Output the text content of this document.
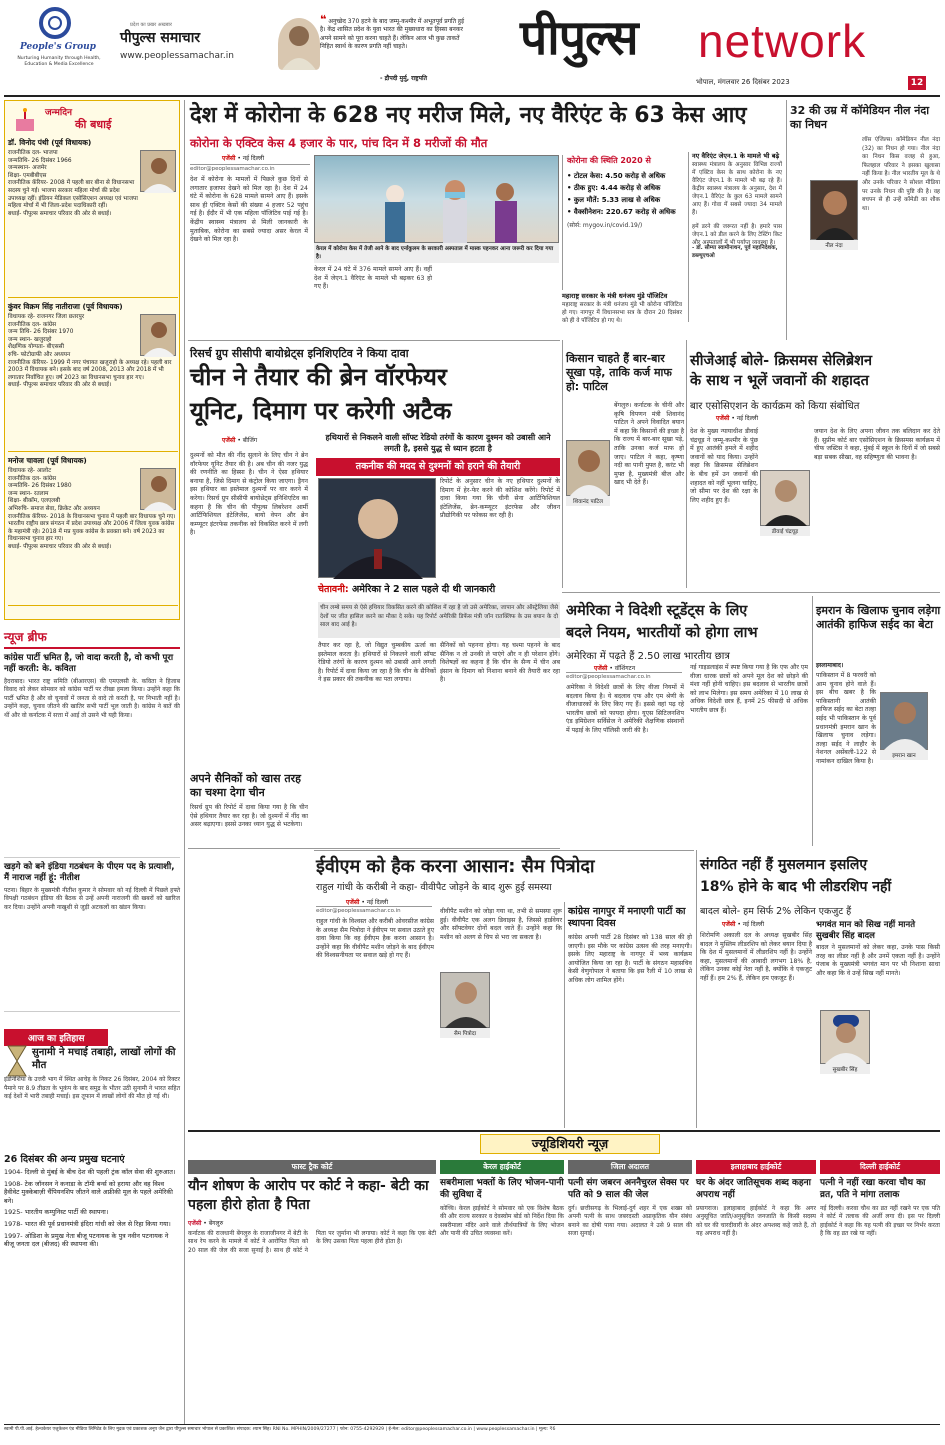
People's Group
Nurturing Humanity through Health, Education & Media Excellence
प्रदेश का प्रखर अखबार
पीपुल्स समाचार
www.peoplessamachar.in
❝ अनुच्छेद 370 हटने के बाद जम्मू-कश्मीर में अभूतपूर्व प्रगति हुई है। केंद्र शासित प्रदेश के युवा भारत की मुख्यधारा का हिस्सा बनकर अपने सामने को पूरा करना चाहते हैं। लेकिन आज भी कुछ ताकतें निहित स्वार्थ के कारण प्रगति नहीं चाहते।
- द्रौपदी मुर्मु, राष्ट्रपति
पीपुल्स network
भोपाल, मंगलवार 26 दिसंबर 2023	12
जन्मदिन
की बधाई
डॉ. विनोद पंथी (पूर्व विधायक)
राजनीतिक दल- भाजपा
जन्मतिथि- 26 दिसंबर 1966
जन्मस्थान- अजमेर
शिक्षा- एमबीबीएस
राजनीतिक कॅरियर- 2008 में पहली बार बीना से विधानसभा सदस्य चुने गई। भाजपा सरकार महिला मोर्चा की प्रदेश उपाध्यक्ष रहीं। इंडियन मेडिकल एसोसिएशन अध्यक्ष एवं भाजपा महिला मोर्चा में भी जिला-प्रदेश पदाधिकारी रहीं।
बधाई- पीपुल्स समाचार परिवार की ओर से बधाई।
कुंवर विक्रम सिंह नातीराजा (पूर्व विधायक)
विधायक रहे- राजनगर जिला छतरपुर
राजनीतिक दल- कांग्रेस
जन्म तिथि- 26 दिसंबर 1970
जन्म स्थान- खजुराहो
शैक्षणिक योग्यता- बीएससी
रुचि- फोटोग्राफी और अध्ययन
राजनीतिक कॅरियर- 1999 में नगर पंचायत खजुराहो के अध्यक्ष रहे। पहली बार 2003 में विधायक बने। इसके बाद वर्ष 2008, 2013 और 2018 में भी लगातार निर्वाचित हुए। वर्ष 2023 का विधानसभा चुनाव हार गए।
बधाई- पीपुल्स समाचार परिवार की ओर से बधाई।
मनोज चावला (पूर्व विधायक)
विधायक रहे- आलोट
राजनीतिक दल- कांग्रेस
जन्मतिथि- 26 दिसंबर 1980
जन्म स्थान- रतलाम
शिक्षा- बीकॉम, एलएलबी
अभिरुचि- समाज सेवा, क्रिकेट और अध्ययन
राजनीतिक कॅरियर- 2018 के विधानसभा चुनाव में पहली बार विधायक चुने गए। भारतीय राष्ट्रीय छात्र संगठन में प्रदेश उपाध्यक्ष और 2006 में जिला युवक कांग्रेस के महामंत्री रहे। 2018 में मप्र युवक कांग्रेस के प्रवक्ता बने। वर्ष 2023 का विधानसभा चुनाव हार गए।
बधाई- पीपुल्स समाचार परिवार की ओर से बधाई।
न्यूज ब्रीफ
कांग्रेस पार्टी भ्रमित है, जो वादा करती है, वो कभी पूरा नहीं करती: के. कविता
हैदराबाद। भारत राष्ट्र समिति (बीआरएस) की एमएलसी के. कविता ने हिजाब विवाद को लेकर सोमवार को कांग्रेस पार्टी पर तीखा हमला किया। उन्होंने कहा कि पार्टी भ्रमित है और वो चुनावों में जनता से वादे तो करती है, पर निभाती नहीं है। उन्होंने कहा, चुनाव जीतने की खातिर सभी पार्टी भूल जाती है। कांग्रेस ने बातें की थीं और वो कर्नाटक में सत्ता में आई तो उसने भी यही किया।
खड़गे को बने इंडिया गठबंधन के पीएम पद के प्रत्याशी, मैं नाराज नहीं हूं: नीतीश
पटना। बिहार के मुख्यमंत्री नीतीश कुमार ने सोमवार को नई दिल्ली में पिछले हफ्ते विपक्षी गठबंधन इंडिया की बैठक से उन्हें अपनी नाराजगी की खबरों को खारिज कर दिया। उन्होंने अपनी नाखुशी से जुड़ी अटकलों का खंडन किया।
आज का इतिहास
सुनामी ने मचाई तबाही, लाखों लोगों की मौत
इंडोनेशिया के उत्तरी भाग में स्थित आचेह के निकट 26 दिसंबर, 2004 को रिक्टर पैमाने पर 8.9 तीव्रता के भूकंप के बाद समुद्र के भीतर उठी सुनामी ने भारत सहित कई देशों में भारी तबाही मचाई। इस तूफान में लाखों लोगों की मौत हो गई थी।
26 दिसंबर की अन्य प्रमुख घटनाएं
1904- दिल्ली से मुंबई के बीच देश की पहली ट्रंक कॉल सेवा की शुरुआत।
1908- टेक जॉनसन ने कनाडा के टॉमी बर्न्स को हराया और वह विश्व हैवीवेट मुक्केबाज़ी चैंपियनशिप जीतने वाले अफ्रीकी मूल के पहले अमेरिकी बने।
1925- भारतीय कम्युनिस्ट पार्टी की स्थापना।
1978- भारत की पूर्व प्रधानमंत्री इंदिरा गांधी को जेल से रिहा किया गया।
1997- ओडिशा के प्रमुख नेता बीजू पटनायक के पुत्र नवीन पटनायक ने बीजू जनता दल (बीजद) की स्थापना की।
देश में कोरोना के 628 नए मरीज मिले, नए वैरिएंट के 63 केस आए
कोरोना के एक्टिव केस 4 हजार के पार, पांच दिन में 8 मरीजों की मौत
एजेंसी • नई दिल्ली
editor@peoplessamachar.co.in
देश में कोरोना के मामलों में पिछले कुछ दिनों से लगातार इजाफा देखने को मिल रहा है। देश में 24 घंटे में कोरोना के 628 मामले सामने आए हैं। इसके साथ ही एक्टिव केसों की संख्या 4 हजार 52 पहुंच गई है। ईंदौर में भी एक महिला पॉजिटिव पाई गई है। केंद्रीय स्वास्थ्य मंत्रालय से मिली जानकारी के मुताबिक, कोरोना का सबसे ज्यादा असर केरल में देखने को मिल रहा है।
केरल में कोरोना केस में तेजी आने के बाद एर्नाकुलम के सरकारी अस्पताल में मास्क पहनकर आना जरूरी कर दिया गया है।
केरल में 24 घंटे में 376 मामले सामने आए हैं। वहीं देश में जेएन.1 वैरिएंट के मामले भी बढ़कर 63 हो गए हैं।
कोरोना की स्थिति 2020 से
• टोटल केस: 4.50 करोड़ से अधिक
• ठीक हुए: 4.44 करोड़ से अधिक
• कुल मौतें: 5.33 लाख से अधिक
• वैक्सीनेशन: 220.67 करोड़ से अधिक
(सोर्स: mygov.in/covid.19/)
नए वैरिएंट जेएन.1 के मामले भी बढ़े
स्वास्थ्य मंत्रालय के अनुसार विभिन्न राज्यों में एक्टिव केस के साथ कोरोना के नए वैरिएंट जेएन.1 के मामले भी बढ़ रहे हैं। केंद्रीय स्वास्थ्य मंत्रालय के अनुसार, देश में जेएन.1 वैरिएंट के कुल 63 मामले सामने आए हैं। गोवा में सबसे ज्यादा 34 मामले हैं।
हमें डरने की जरूरत नहीं है। हमारे पास जेएन.1 को डील करने के लिए टेस्टिंग किट और अस्पतालों में भी पर्याप्त व्यवस्था है।
- डॉ. सौम्या स्वामीनाथन, पूर्व महानिदेशक, डब्ल्यूएचओ
महाराष्ट्र सरकार के मंत्री धनंजय मुंडे पॉजिटिव
महाराष्ट्र सरकार के मंत्री धनंजय मुंडे भी कोरोना पॉजिटिव हो गए। नागपुर में विधानसभा सत्र के दौरान 20 दिसंबर को ही वे पॉजिटिव हो गए थे।
32 की उम्र में कॉमेडियन नील नंदा का निधन
नील नंदा
लॉस एंजिल्स। कॉमेडियन नील नंदा (32) का निधन हो गया। नील नंदा का निधन किस वजह से हुआ, फिलहाल परिवार ने इसका खुलासा नहीं किया है। नील भारतीय मूल के थे और उनके परिवार ने सोशल मीडिया पर उनके निधन की पुष्टि की है। वह बचपन से ही उन्हें कॉमेडी का शौक था।
रिसर्च ग्रुप सीसीपी बायोथ्रेट्स इनिशिएटिव ने किया दावा
चीन ने तैयार की ब्रेन वॉरफेयर
यूनिट, दिमाग पर करेगी अटैक
एजेंसी • बीजिंग	हथियारों से निकलने वाली सॉफ्ट रेडियो तरंगों के कारण दुश्मन को उबासी आने लगती है, इससे युद्ध से ध्यान हटता है
दुश्मनों को मौत की नींद सुलाने के लिए चीन ने ब्रेन वॉरफेयर यूनिट तैयार की है। अब चीन की नजर युद्ध की रणनीति का हिस्सा है। चीन ने ऐसा हथियार बनाया है, जिसे दिमाग से कंट्रोल किया जाएगा। ड्रैगन इस हथियार का इस्तेमाल दुश्मनों पर वार करने में करेगा। रिसर्च ग्रुप सीसीपी बायोथ्रेट्स इनिशिएटिव का कहना है कि चीन की पीपुल्स लिबरेशन आर्मी आर्टिफिशियल इंटेलिजेंस, बायो वेपन और ब्रेन कम्प्यूटर इंटरफेस तकनीक को विकसित करने में लगी है।
तकनीक की मदद से दुश्मनों को हराने की तैयारी
रिपोर्ट के अनुसार चीन के नए हथियार दुश्मनों के दिमाग में हेर-फेर करने की कोशिश करेंगे। रिपोर्ट में दावा किया गया कि चीनी सेना आर्टिफिशियल इंटेलिजेंस, ब्रेन-कम्प्यूटर इंटरफेस और जीवन प्रौद्योगिकी पर फोकस कर रही है।
चेतावनी: अमेरिका ने 2 साल पहले दी थी जानकारी
चीन लम्बे समय से ऐसे हथियार विकसित करने की कोशिश में रहा है जो उसे अमेरिका, जापान और ऑस्ट्रेलिया जैसे देशों पर जीत हासिल करने का मौका दे सके। यह रिपोर्ट अमेरिकी डिफेंस मंत्री जॉन रातक्लिफ के उस बयान के दो साल बाद आई है।
तैयार कर रहा है, जो विद्युत चुम्बकीय ऊर्जा का इस्तेमाल करता है। हथियारों से निकलने वाली सॉफ्ट रेडियो तरंगों के कारण दुश्मन को उबासी आने लगती है। रिपोर्ट में दावा किया जा रहा है कि चीन के सैनिकों ने इस प्रकार की तकनीक का पता लगाया।
सैनिकों को पहनना होगा। यह चश्मा पहनने के बाद सैनिक न तो उनकी ले पाएंगे और न ही परेशान होंगे। विशेषज्ञों का कहना है कि चीन के सैन्य में चीन अब इंसान के दिमाग को निशाना बनाने की तैयारी कर रहा है।
अपने सैनिकों को खास तरह का चश्मा देगा चीन
रिसर्च ग्रुप की रिपोर्ट में दावा किया गया है कि चीन ऐसे हथियार तैयार कर रहा है। जो दुश्मनों में नींद का असर बढ़ाएगा। इससे उनका ध्यान युद्ध से भटकेगा।
किसान चाहते हैं बार-बार सूखा पड़े, ताकि कर्ज माफ हो: पाटिल
शिवानंद पाटिल
बेंगलुरु। कर्नाटक के चीनी और कृषि विपणन मंत्री शिवानंद पाटिल ने अपने विवादित बयान में कहा कि किसानों की इच्छा है कि राज्य में बार-बार सूखा पड़े, ताकि उनका कर्ज माफ हो जाए। पाटिल ने कहा, कृष्णा नदी का पानी मुफ्त है, करंट भी मुफ्त है, मुख्यमंत्री बीज और खाद भी देते हैं।
सीजेआई बोले- क्रिसमस सेलिब्रेशन
के साथ न भूलें जवानों की शहादत
बार एसोसिएशन के कार्यक्रम को किया संबोधित
एजेंसी • नई दिल्ली
देश के मुख्य न्यायाधीश डीवाई चंद्रचूड़ ने जम्मू-कश्मीर के पुंछ में हुए आतंकी हमले में शहीद जवानों को याद किया। उन्होंने कहा कि क्रिसमस सेलिब्रेशन के बीच हमें उन जवानों की शहादत को नहीं भूलना चाहिए, जो सीमा पर देश की रक्षा के लिए शहीद हुए हैं।
डीवाई चंद्रचूड़
जयान देश के लिए अपना जीवन तक बलिदान कर देते हैं। सुप्रीम कोर्ट बार एसोसिएशन के क्रिसमस कार्यक्रम में चीफ जस्टिस ने कहा, मुंबई में स्कूल के दिनों में जो सबसे बड़ा सबक सीखा, वह सहिष्णुता की भावना है।
अमेरिका ने विदेशी स्टूडेंट्स के लिए
बदले नियम, भारतीयों को होगा लाभ
अमेरिका में पढ़ते हैं 2.50 लाख भारतीय छात्र
एजेंसी • वॉशिंगटन
editor@peoplessamachar.co.in
अमेरिका ने विदेशी छात्रों के लिए वीजा नियमों में बदलाव किया है। ये बदलाव एफ और एम श्रेणी के वीजाधारकों के लिए किए गए हैं। इससे वहां पढ़ रहे भारतीय छात्रों को फायदा होगा। यूएस सिटिजनशिप एंड इमिग्रेशन सर्विसेज ने अमेरिकी शैक्षणिक संस्थानों में पढ़ाई के लिए पॉलिसी जारी की है।
नई गाइडलाइंस में स्पष्ट किया गया है कि एफ और एम वीजा धारक छात्रों को अपने मूल देश को छोड़ने की मंशा नहीं होनी चाहिए। इस बदलाव से भारतीय छात्रों को लाभ मिलेगा। इस समय अमेरिका में 10 लाख से अधिक विदेशी छात्र हैं, इनमें 25 फीसदी से अधिक भारतीय छात्र हैं।
इमरान के खिलाफ चुनाव लड़ेगा आतंकी हाफिज सईद का बेटा
इमरान खान
इस्लामाबाद।
पाकिस्तान में 8 फरवरी को आम चुनाव होने वाले हैं। इस बीच खबर है कि पाकिस्तानी आतंकी हाफिज सईद का बेटा तल्हा सईद भी पाकिस्तान के पूर्व प्रधानमंत्री इमरान खान के खिलाफ चुनाव लड़ेगा। तल्हा सईद ने लाहौर के नेशनल असेंबली-122 से नामांकन दाखिल किया है।
ईवीएम को हैक करना आसान: सैम पित्रोदा
राहुल गांधी के करीबी ने कहा- वीवीपैट जोड़ने के बाद शुरू हुई समस्या
एजेंसी • नई दिल्ली
editor@peoplessamachar.co.in
राहुल गांधी के विश्वस्त और करीबी ओवरसीज कांग्रेस के अध्यक्ष सैम पित्रोदा ने ईवीएम पर सवाल उठाते हुए दावा किया कि वह ईवीएम हैक करना आसान है। उन्होंने कहा कि वीवीपैट मशीन जोड़ने के बाद ईवीएम की विश्वसनीयता पर सवाल खड़े हो गए हैं।
सैम पित्रोदा
वीवीपैट मशीन को जोड़ा गया था, तभी से समस्या शुरू हुई। वीवीपैट एक अलग डिवाइस है, जिससे हार्डवेयर और सॉफ्टवेयर दोनों बदल जाते हैं। उन्होंने कहा कि मशीन को अलग से चिप से भरा जा सकता है।
कांग्रेस नागपुर में मनाएगी पार्टी का स्थापना दिवस
कांग्रेस अपनी पार्टी 28 दिसंबर को 138 साल की हो जाएगी। इस मौके पर कांग्रेस उत्सव की तरह मनाएगी। इसके लिए महाराष्ट्र के नागपुर में भव्य कार्यक्रम आयोजित किया जा रहा है। पार्टी के संगठन महासचिव केसी वेणुगोपाल ने बताया कि इस रैली में 10 लाख से अधिक लोग शामिल होंगे।
संगठित नहीं हैं मुसलमान इसलिए
18% होने के बाद भी लीडरशिप नहीं
बादल बोले- हम सिर्फ 2% लेकिन एकजुट हैं
एजेंसी • नई दिल्ली
शिरोमणि अकाली दल के अध्यक्ष सुखबीर सिंह बादल ने मुस्लिम लीडरशिप को लेकर बयान दिया है कि देश में मुसलमानों में लीडरशिप नहीं है। उन्होंने कहा, मुसलमानों की आबादी लगभग 18% है, लेकिन उनका कोई नेता नहीं है, क्योंकि वे एकजुट नहीं हैं। हम 2% हैं, लेकिन हम एकजुट हैं।
भगवंत मान को सिख नहीं मानते सुखबीर सिंह बादल
सुखबीर सिंह
बादल ने मुसलमानों को लेकर कहा, उनके पास किसी तरह का लीडर नहीं है और उनमें एकता नहीं है। उन्होंने पंजाब के मुख्यमंत्री भगवंत मान पर भी निशाना साधा और कहा कि वे उन्हें सिख नहीं मानते।
ज्यूडिशियरी न्यूज़
फास्ट ट्रैक कोर्ट
यौन शोषण के आरोप पर कोर्ट ने कहा- बेटी का पहला हीरो होता है पिता
एजेंसी • बेंगलुरु
कर्नाटक की राजधानी बेंगलुरु के राजाजीनगर में बेटी के साथ रेप करने के मामले में कोर्ट ने आरोपित पिता को 20 साल की जेल की सजा सुनाई है। साथ ही कोर्ट ने पिता पर जुर्माना भी लगाया। कोर्ट ने कहा कि एक बेटी के लिए उसका पिता पहला हीरो होता है।
केरल हाईकोर्ट
सबरीमाला भक्तों के लिए भोजन-पानी की सुविधा दें
कोच्चि। केरल हाईकोर्ट ने सोमवार को एक विशेष बैठक की और राज्य सरकार व देवस्वोम बोर्ड को निर्देश दिया कि सबरीमाला मंदिर आने वाले तीर्थयात्रियों के लिए भोजन और पानी की उचित व्यवस्था करें।
जिला अदालत
पत्नी संग जबरन अननैचुरल सेक्स पर पति को 9 साल की जेल
दुर्ग। छत्तीसगढ़ के भिलाई-दुर्ग शहर में एक शख्स को अपनी पत्नी के साथ जबरदस्ती अप्राकृतिक यौन संबंध बनाने का दोषी पाया गया। अदालत ने उसे 9 साल की सजा सुनाई।
इलाहाबाद हाईकोर्ट
घर के अंदर जातिसूचक शब्द कहना अपराध नहीं
प्रयागराज। इलाहाबाद हाईकोर्ट ने कहा कि अगर अनुसूचित जाति/अनुसूचित जनजाति के किसी सदस्य को घर की चारदीवारी के अंदर अपशब्द कहे जाते हैं, तो यह अपराध नहीं है।
दिल्ली हाईकोर्ट
पत्नी ने नहीं रखा करवा चौथ का व्रत, पति ने मांगा तलाक
नई दिल्ली। करवा चौथ का व्रत नहीं रखने पर एक पति ने कोर्ट में तलाक की अर्जी लगा दी। इस पर दिल्ली हाईकोर्ट ने कहा कि यह पत्नी की इच्छा पर निर्भर करता है कि वह व्रत रखे या नहीं।
स्वामी पी.पी.आई. हेल्थकेयर एजुकेशन एंड मीडिया लिमिटेड के लिए मुद्रक एवं प्रकाशक अनूप जैन द्वारा पीपुल्स समाचार भोपाल से प्रकाशित। संपादक: श्याम सिंह। RNI No. MPHIN/2009/27277 | फोन: 0755-4292929 | ई-मेल: editor@peoplessamachar.co.in | www.peoplessamachar.in | मूल्य: ₹6
